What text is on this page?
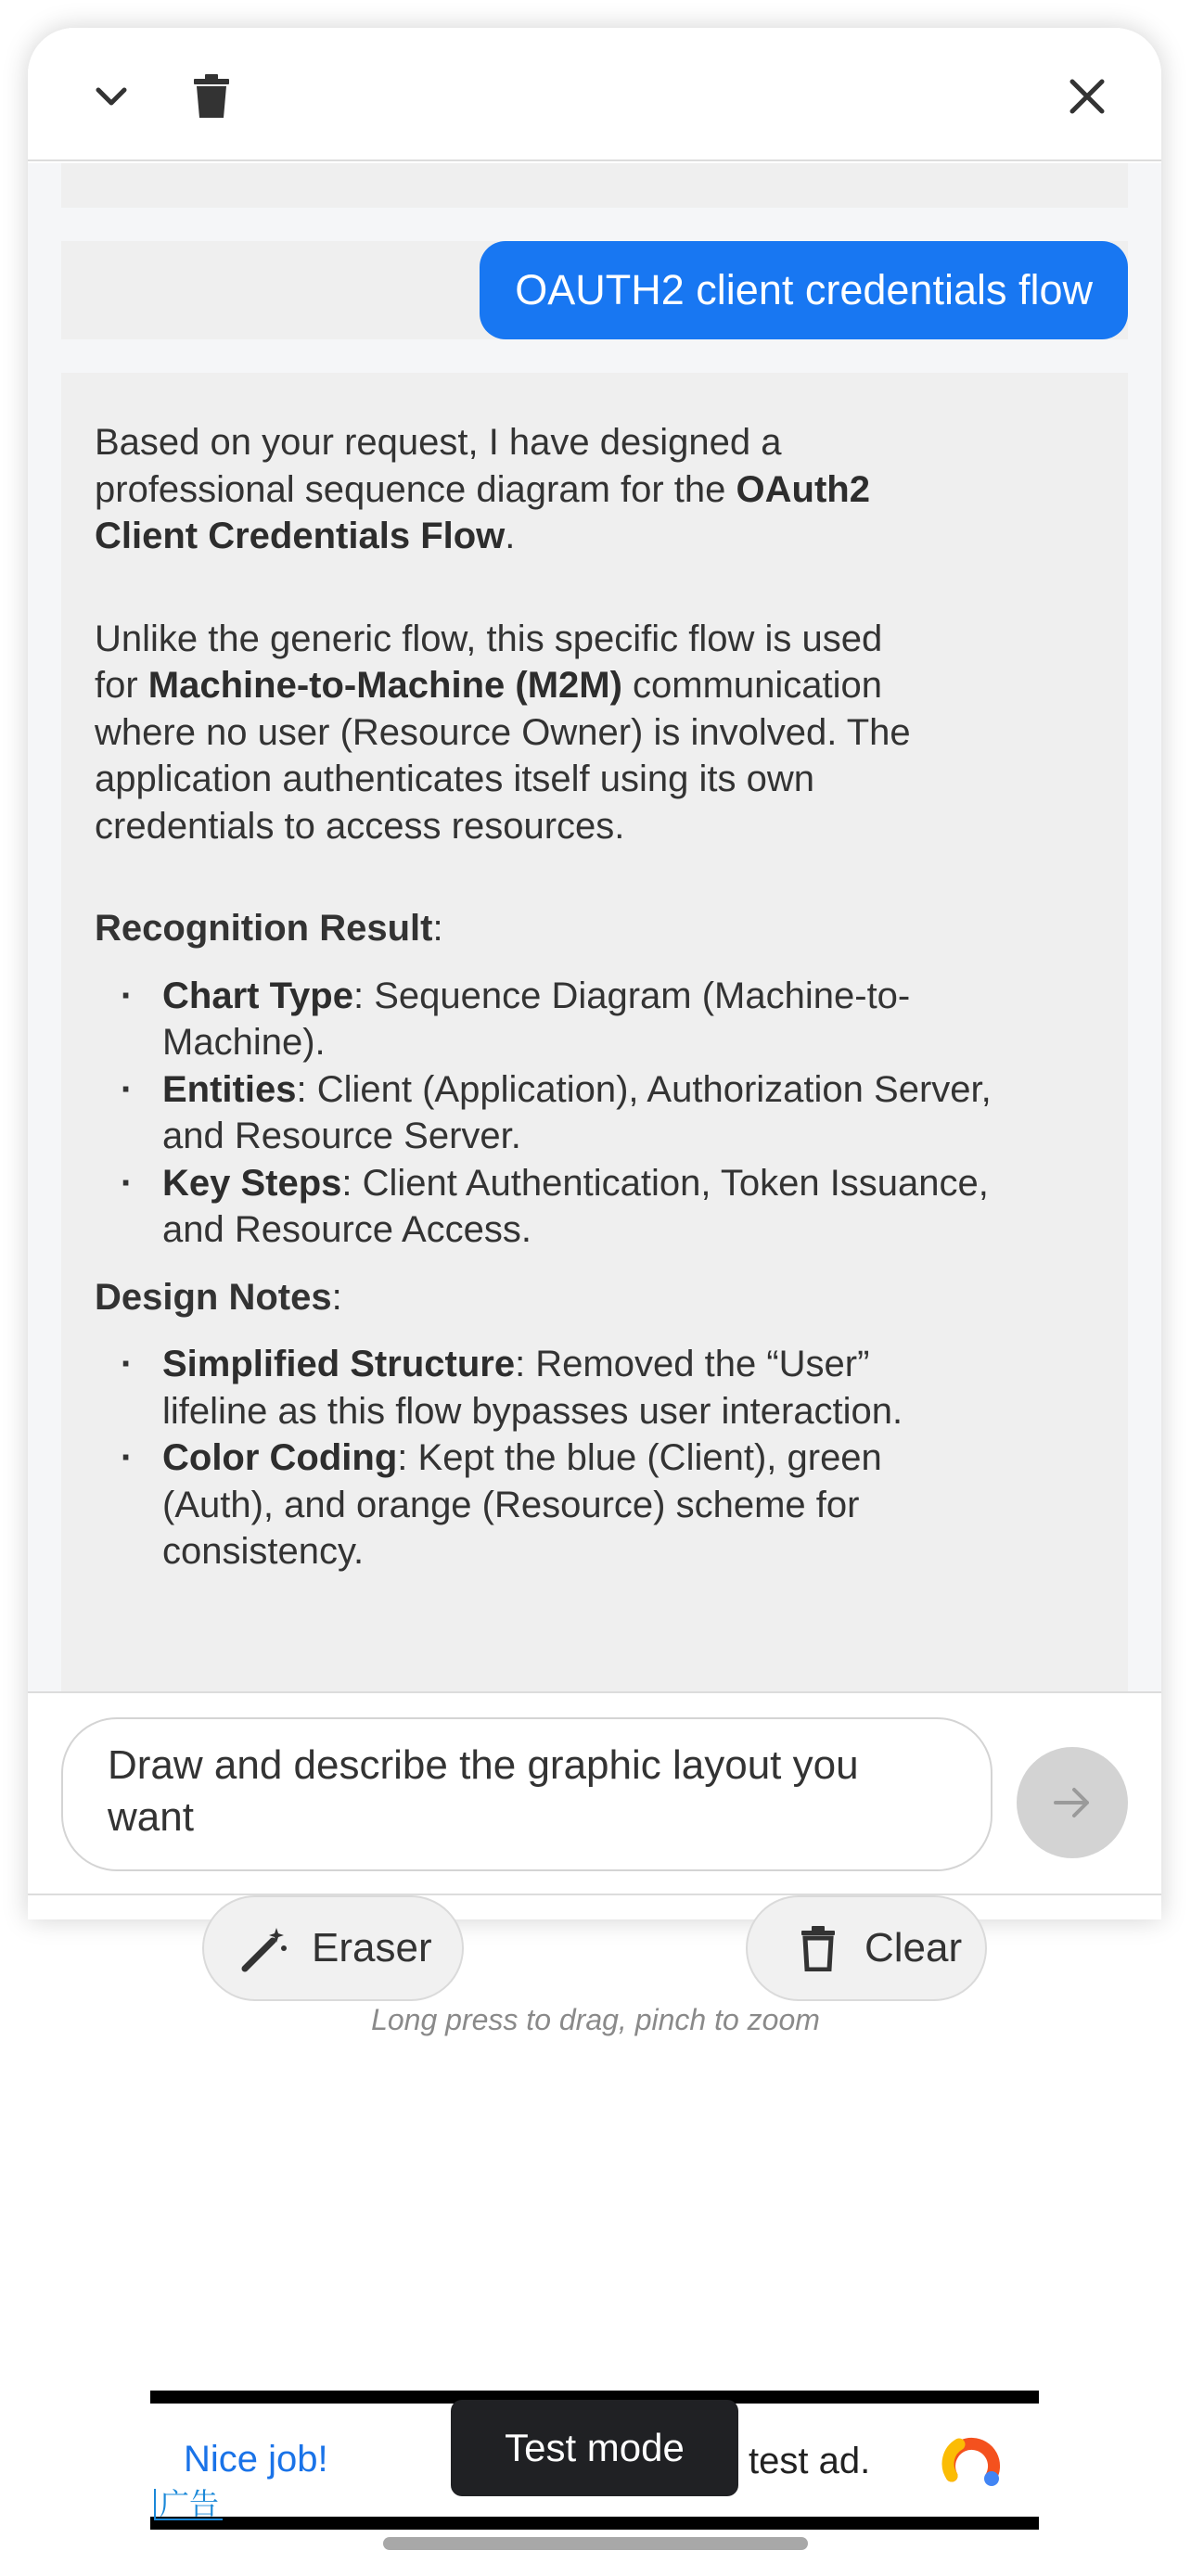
OAUTH2 client credentials flow

Based on your request, I have designed a professional sequence diagram for the OAuth2 Client Credentials Flow.

Unlike the generic flow, this specific flow is used for Machine-to-Machine (M2M) communication where no user (Resource Owner) is involved. The application authenticates itself using its own credentials to access resources.

Recognition Result:
· Chart Type: Sequence Diagram (Machine-to-Machine).
· Entities: Client (Application), Authorization Server, and Resource Server.
· Key Steps: Client Authentication, Token Issuance, and Resource Access.
Design Notes:
· Simplified Structure: Removed the “User” lifeline as this flow bypasses user interaction.
· Color Coding: Kept the blue (Client), green (Auth), and orange (Resource) scheme for consistency.
Draw and describe the graphic layout you want
Eraser	Clear
Long press to drag, pinch to zoom
Nice job!
广告
test ad.
Test mode
